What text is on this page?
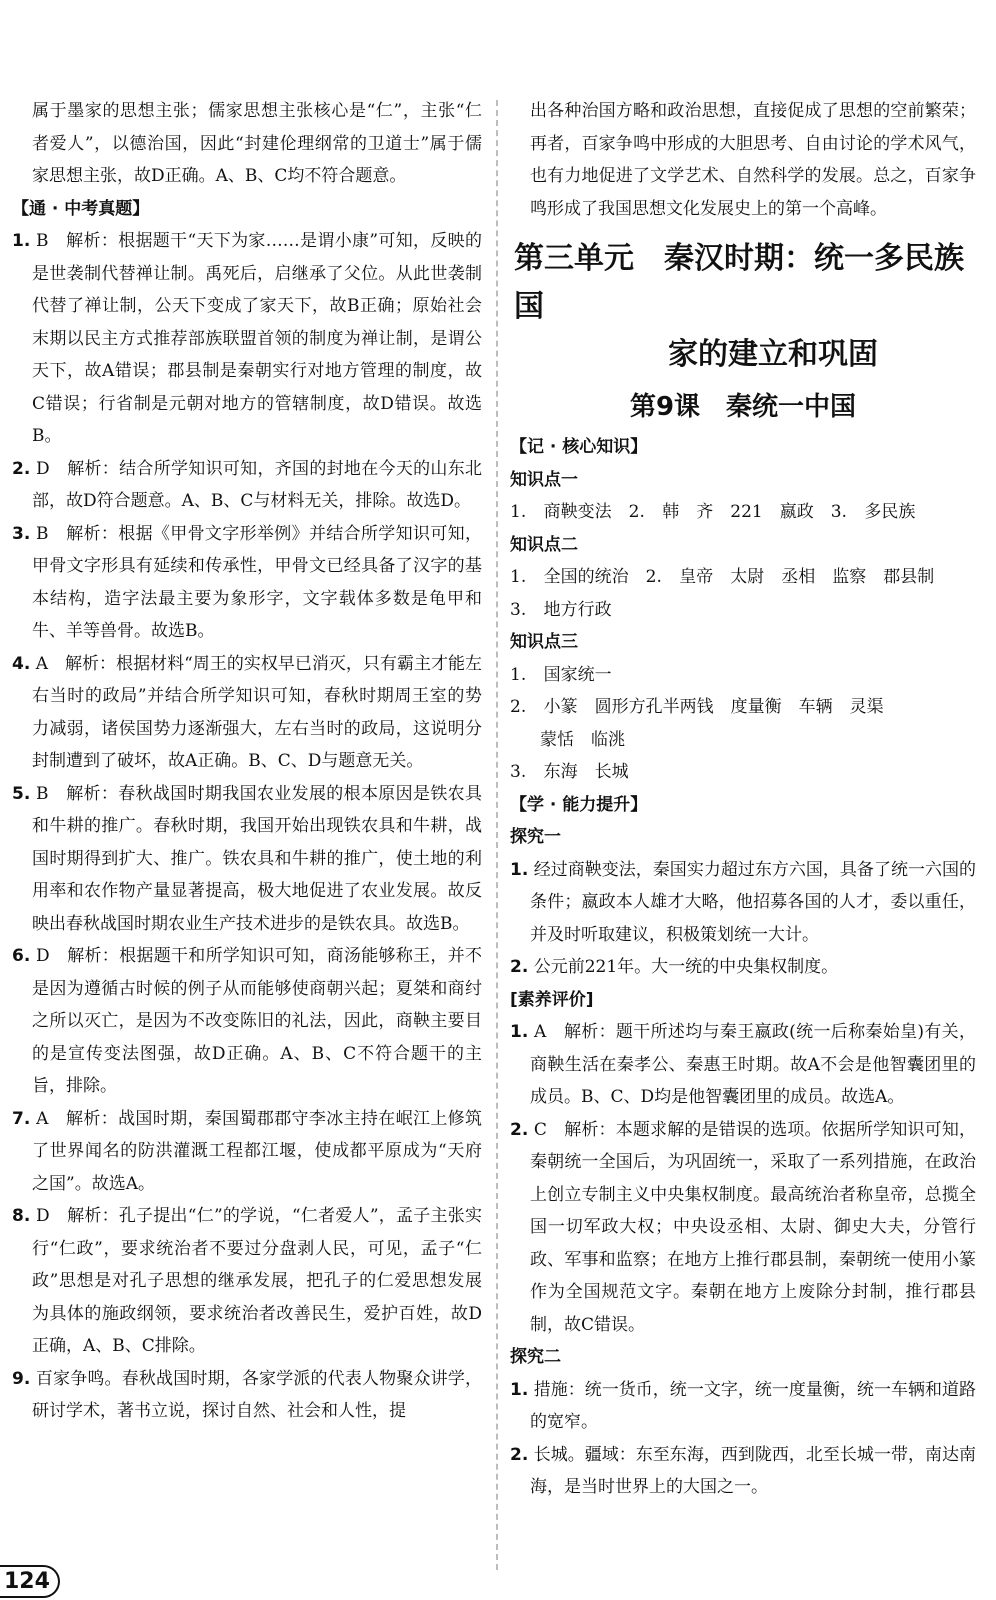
属于墨家的思想主张；儒家思想主张核心是“仁”，主张“仁者爱人”，以德治国，因此“封建伦理纲常的卫道士”属于儒家思想主张，故D正确。A、B、C均不符合题意。

【通 · 中考真题】
1. B　解析：根据题干“天下为家……是谓小康”可知，反映的是世袭制代替禅让制。禹死后，启继承了父位。从此世袭制代替了禅让制，公天下变成了家天下，故B正确；原始社会末期以民主方式推荐部族联盟首领的制度为禅让制，是谓公天下，故A错误；郡县制是秦朝实行对地方管理的制度，故C错误；行省制是元朝对地方的管辖制度，故D错误。故选B。
2. D　解析：结合所学知识可知，齐国的封地在今天的山东北部，故D符合题意。A、B、C与材料无关，排除。故选D。
3. B　解析：根据《甲骨文字形举例》并结合所学知识可知，甲骨文字形具有延续和传承性，甲骨文已经具备了汉字的基本结构，造字法最主要为象形字，文字载体多数是龟甲和牛、羊等兽骨。故选B。
4. A　解析：根据材料“周王的实权早已消灭，只有霸主才能左右当时的政局”并结合所学知识可知，春秋时期周王室的势力减弱，诸侯国势力逐渐强大，左右当时的政局，这说明分封制遭到了破坏，故A正确。B、C、D与题意无关。
5. B　解析：春秋战国时期我国农业发展的根本原因是铁农具和牛耕的推广。春秋时期，我国开始出现铁农具和牛耕，战国时期得到扩大、推广。铁农具和牛耕的推广，使土地的利用率和农作物产量显著提高，极大地促进了农业发展。故反映出春秋战国时期农业生产技术进步的是铁农具。故选B。
6. D　解析：根据题干和所学知识可知，商汤能够称王，并不是因为遵循古时候的例子从而能够使商朝兴起；夏桀和商纣之所以灭亡，是因为不改变陈旧的礼法，因此，商鞅主要目的是宣传变法图强，故D正确。A、B、C不符合题干的主旨，排除。
7. A　解析：战国时期，秦国蜀郡郡守李冰主持在岷江上修筑了世界闻名的防洪灌溉工程都江堰，使成都平原成为“天府之国”。故选A。
8. D　解析：孔子提出“仁”的学说，“仁者爱人”，孟子主张实行“仁政”，要求统治者不要过分盘剥人民，可见，孟子“仁政”思想是对孔子思想的继承发展，把孔子的仁爱思想发展为具体的施政纲领，要求统治者改善民生，爱护百姓，故D正确，A、B、C排除。
9. 百家争鸣。春秋战国时期，各家学派的代表人物聚众讲学，研讨学术，著书立说，探讨自然、社会和人性，提

出各种治国方略和政治思想，直接促成了思想的空前繁荣；再者，百家争鸣中形成的大胆思考、自由讨论的学术风气，也有力地促进了文学艺术、自然科学的发展。总之，百家争鸣形成了我国思想文化发展史上的第一个高峰。

第三单元　秦汉时期：统一多民族国
家的建立和巩固
第9课　秦统一中国
【记 · 核心知识】
知识点一
1. 商鞅变法　2. 韩　齐　221　嬴政　3. 多民族
知识点二
1. 全国的统治　2. 皇帝　太尉　丞相　监察　郡县制
3. 地方行政
知识点三
1. 国家统一
2. 小篆　圆形方孔半两钱　度量衡　车辆　灵渠
蒙恬　临洮
3. 东海　长城
【学 · 能力提升】
探究一
1. 经过商鞅变法，秦国实力超过东方六国，具备了统一六国的条件；嬴政本人雄才大略，他招募各国的人才，委以重任，并及时听取建议，积极策划统一大计。
2. 公元前221年。大一统的中央集权制度。
[素养评价]
1. A　解析：题干所述均与秦王嬴政(统一后称秦始皇)有关，商鞅生活在秦孝公、秦惠王时期。故A不会是他智囊团里的成员。B、C、D均是他智囊团里的成员。故选A。
2. C　解析：本题求解的是错误的选项。依据所学知识可知，秦朝统一全国后，为巩固统一，采取了一系列措施，在政治上创立专制主义中央集权制度。最高统治者称皇帝，总揽全国一切军政大权；中央设丞相、太尉、御史大夫，分管行政、军事和监察；在地方上推行郡县制，秦朝统一使用小篆作为全国规范文字。秦朝在地方上废除分封制，推行郡县制，故C错误。
探究二
1. 措施：统一货币，统一文字，统一度量衡，统一车辆和道路的宽窄。
2. 长城。疆域：东至东海，西到陇西，北至长城一带，南达南海，是当时世界上的大国之一。
124
